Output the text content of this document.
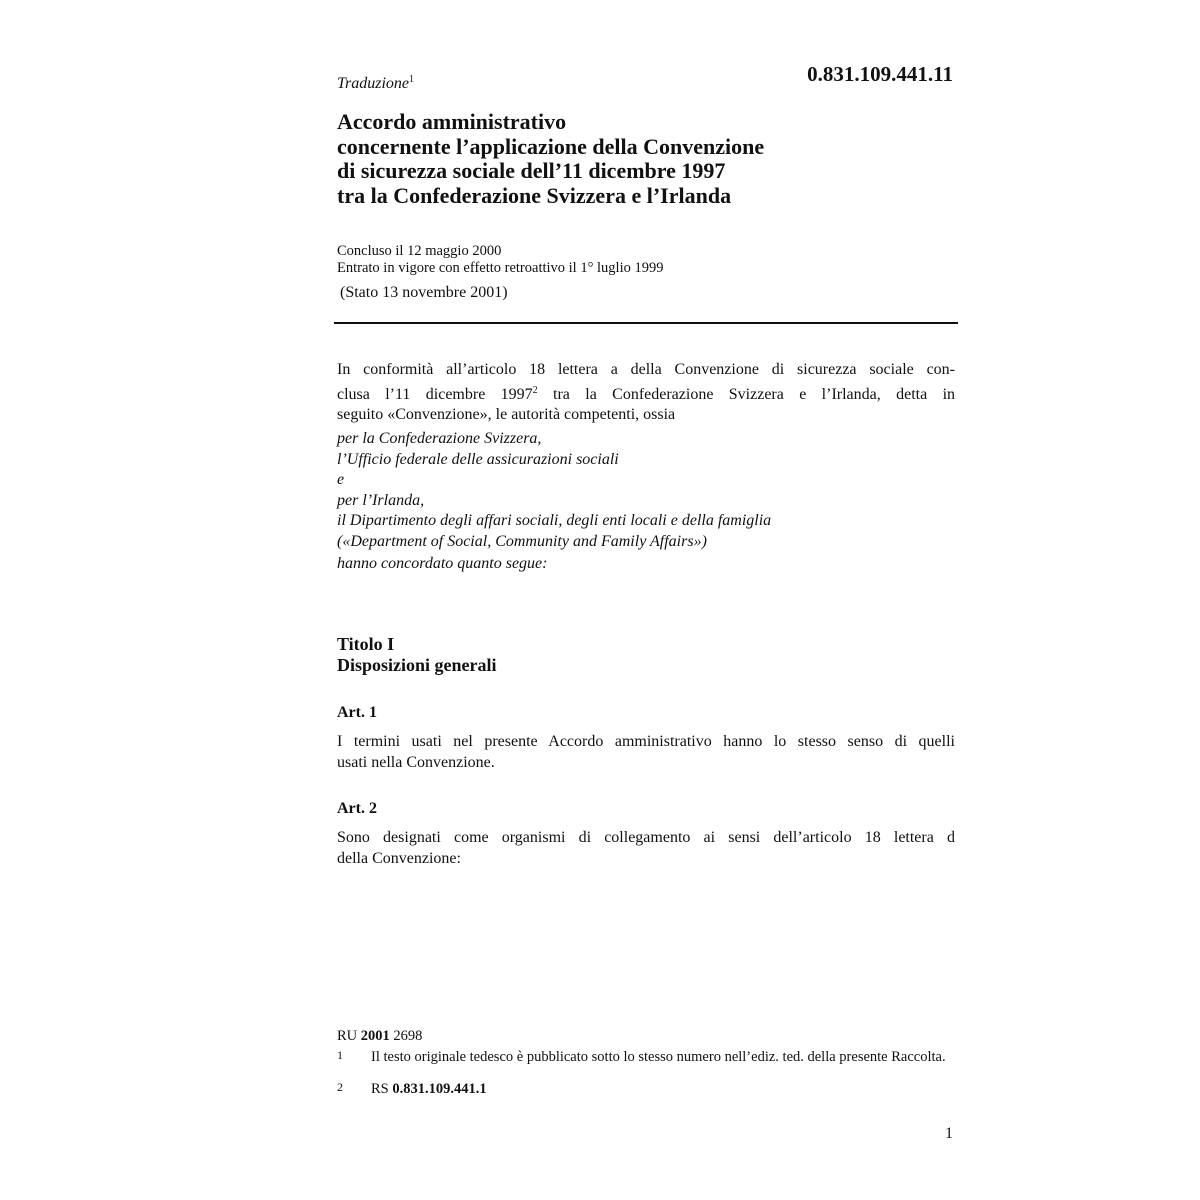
Traduzione$^1$	0.831.109.441.11
Accordo amministrativo
concernente l’applicazione della Convenzione
di sicurezza sociale dell’11 dicembre 1997
tra la Confederazione Svizzera e l’Irlanda
Concluso il 12 maggio 2000
Entrato in vigore con effetto retroattivo il 1° luglio 1999
(Stato 13 novembre 2001)
In conformità all’articolo 18 lettera a della Convenzione di sicurezza sociale con-
clusa l’11 dicembre 1997$^2$ tra la Confederazione Svizzera e l’Irlanda, detta in
seguito «Convenzione», le autorità competenti, ossia
per la Confederazione Svizzera,
l’Ufficio federale delle assicurazioni sociali
e
per l’Irlanda,
il Dipartimento degli affari sociali, degli enti locali e della famiglia
(«Department of Social, Community and Family Affairs»)
hanno concordato quanto segue:
Titolo I
Disposizioni generali
Art. 1
I termini usati nel presente Accordo amministrativo hanno lo stesso senso di quelli
usati nella Convenzione.
Art. 2
Sono designati come organismi di collegamento ai sensi dell’articolo 18 lettera d
della Convenzione:
RU 2001 2698
1 Il testo originale tedesco è pubblicato sotto lo stesso numero nell’ediz. ted. della presente Raccolta.
2 RS 0.831.109.441.1
1
